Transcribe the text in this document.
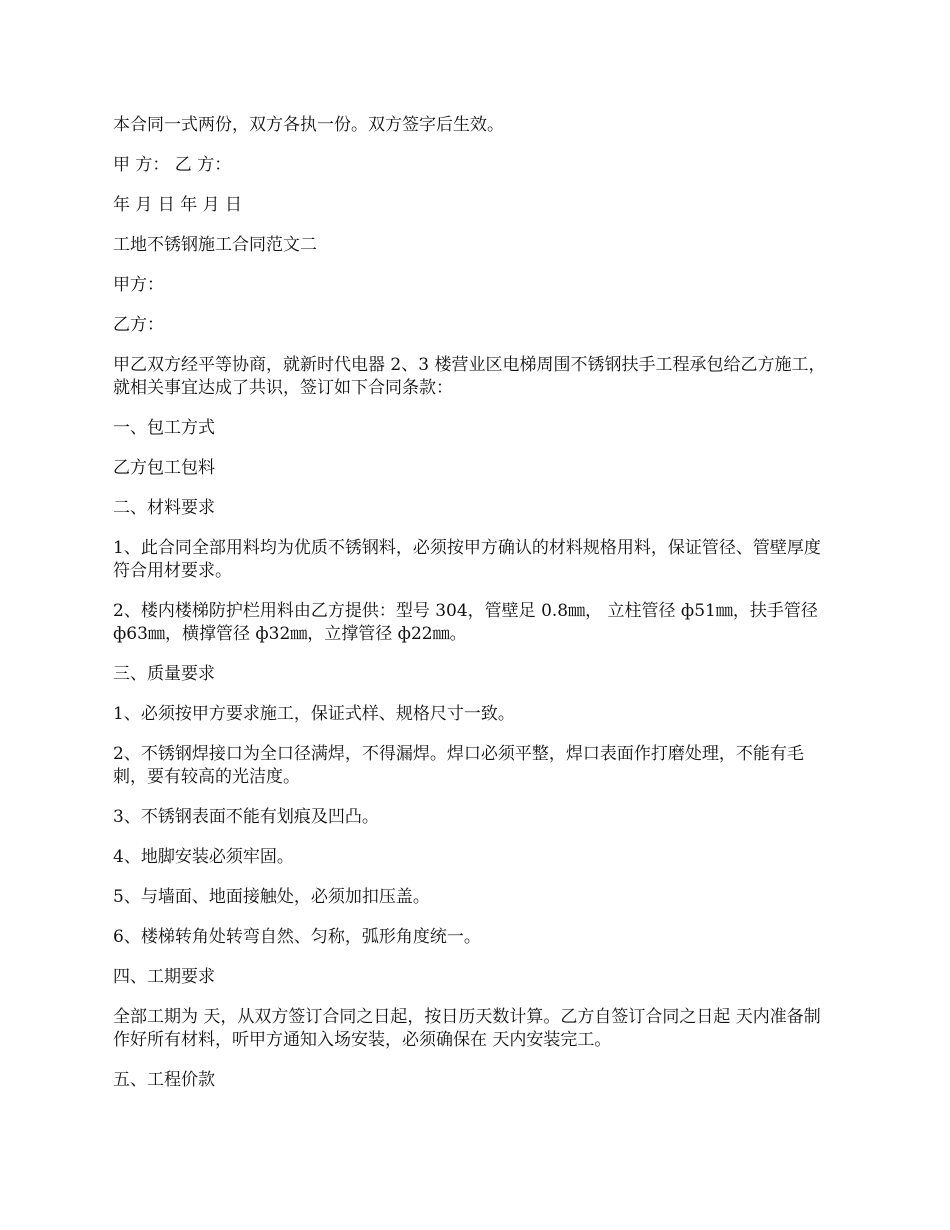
本合同一式两份，双方各执一份。双方签字后生效。

甲 方： 乙 方：

年 月 日 年 月 日

工地不锈钢施工合同范文二

甲方：

乙方：

甲乙双方经平等协商，就新时代电器 2、3 楼营业区电梯周围不锈钢扶手工程承包给乙方施工，就相关事宜达成了共识，签订如下合同条款：

一、包工方式

乙方包工包料

二、材料要求

1、此合同全部用料均为优质不锈钢料，必须按甲方确认的材料规格用料，保证管径、管壁厚度符合用材要求。

2、楼内楼梯防护栏用料由乙方提供：型号 304，管壁足 0.8㎜， 立柱管径 ф51㎜，扶手管径 ф63㎜，横撑管径 ф32㎜，立撑管径 ф22㎜。

三、质量要求

1、必须按甲方要求施工，保证式样、规格尺寸一致。

2、不锈钢焊接口为全口径满焊，不得漏焊。焊口必须平整，焊口表面作打磨处理，不能有毛刺，要有较高的光洁度。

3、不锈钢表面不能有划痕及凹凸。

4、地脚安装必须牢固。

5、与墙面、地面接触处，必须加扣压盖。

6、楼梯转角处转弯自然、匀称，弧形角度统一。

四、工期要求

全部工期为 天，从双方签订合同之日起，按日历天数计算。乙方自签订合同之日起 天内准备制作好所有材料，听甲方通知入场安装，必须确保在 天内安装完工。

五、工程价款
